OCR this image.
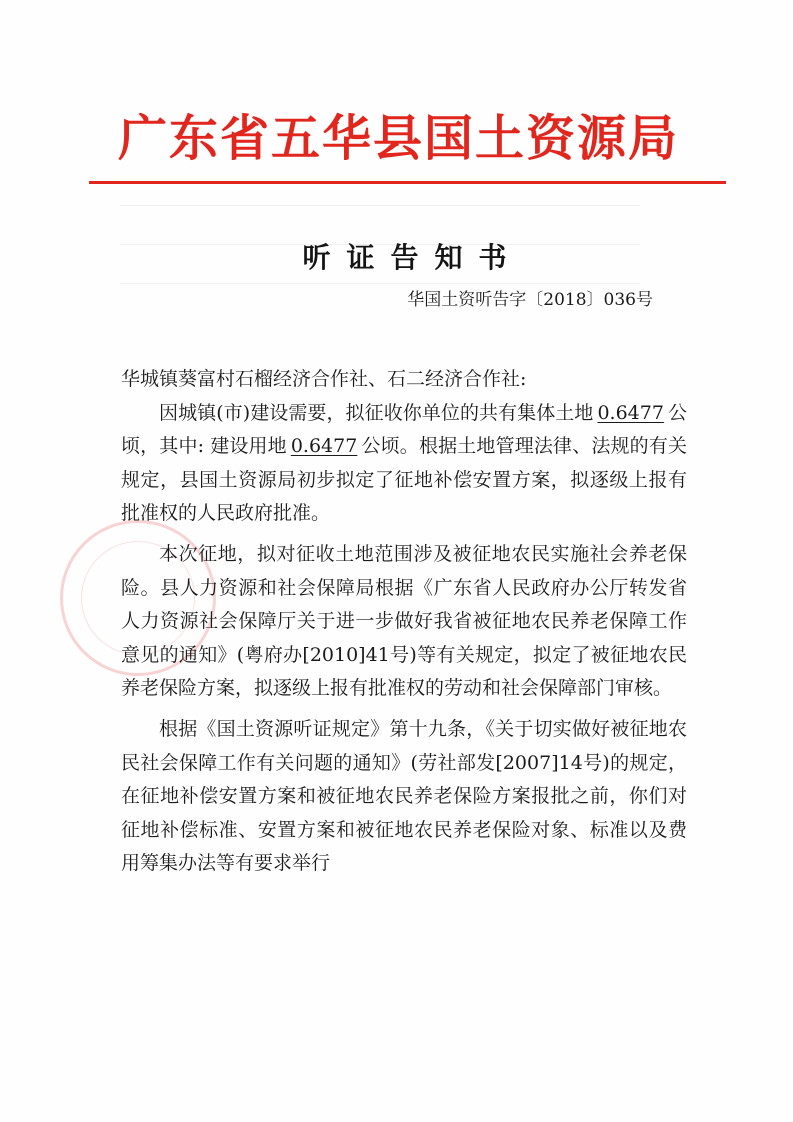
广东省五华县国土资源局
听证告知书
华国土资听告字〔2018〕036号

华城镇葵富村石榴经济合作社、石二经济合作社:

因城镇(市)建设需要，拟征收你单位的共有集体土地 0.6477 公顷，其中: 建设用地 0.6477 公顷。根据土地管理法律、法规的有关规定，县国土资源局初步拟定了征地补偿安置方案，拟逐级上报有批准权的人民政府批准。

本次征地，拟对征收土地范围涉及被征地农民实施社会养老保险。县人力资源和社会保障局根据《广东省人民政府办公厅转发省人力资源社会保障厅关于进一步做好我省被征地农民养老保障工作意见的通知》(粤府办[2010]41号)等有关规定，拟定了被征地农民养老保险方案，拟逐级上报有批准权的劳动和社会保障部门审核。

根据《国土资源听证规定》第十九条，《关于切实做好被征地农民社会保障工作有关问题的通知》(劳社部发[2007]14号)的规定，在征地补偿安置方案和被征地农民养老保险方案报批之前，你们对征地补偿标准、安置方案和被征地农民养老保险对象、标准以及费用筹集办法等有要求举行
